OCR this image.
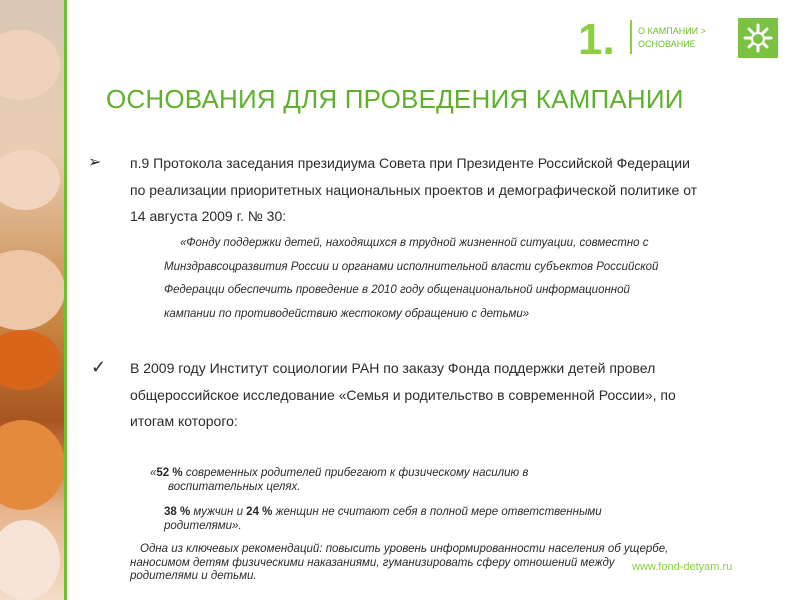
1.	О КАМПАНИИ >
ОСНОВАНИЕ
ОСНОВАНИЯ ДЛЯ ПРОВЕДЕНИЯ КАМПАНИИ
➢ п.9 Протокола заседания президиума Совета при Президенте Российской Федерации
по реализации приоритетных национальных проектов и демографической политике от
14 августа 2009 г. № 30:
«Фонду поддержки детей, находящихся в трудной жизненной ситуации, совместно с
Минздравсоцразвития России и органами исполнительной власти субъектов Российской
Федерацци обеспечить проведение в 2010 году общенациональной информационной
кампании по противодействию жестокому обращению с детьми»
✓ В 2009 году Институт социологии РАН по заказу Фонда поддержки детей провел
общероссийское исследование «Семья и родительство в современной России», по
итогам которого:
«52 % современных родителей прибегают к физическому насилию в
воспитательных целях.
38 % мужчин и 24 % женщин не считают себя в полной мере ответственными
родителями».
Одна из ключевых рекомендаций: повысить уровень информированности населения об ущербе,
наносимом детям физическими наказаниями, гуманизировать сферу отношений между
родителями и детьми.
www.fond-detyam.ru
